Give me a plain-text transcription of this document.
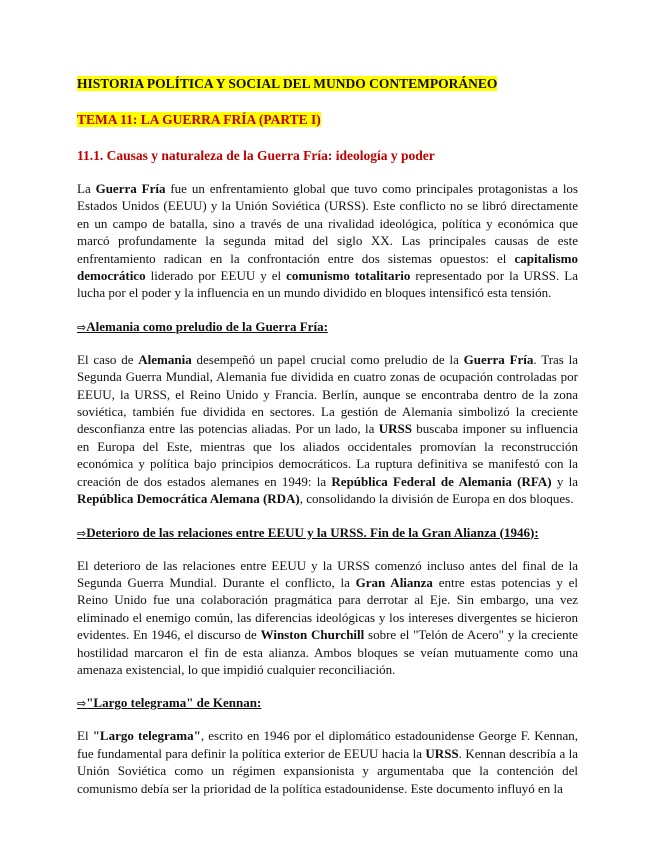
HISTORIA POLÍTICA Y SOCIAL DEL MUNDO CONTEMPORÁNEO
TEMA 11: LA GUERRA FRÍA (PARTE I)
11.1. Causas y naturaleza de la Guerra Fría: ideología y poder

La Guerra Fría fue un enfrentamiento global que tuvo como principales protagonistas a los Estados Unidos (EEUU) y la Unión Soviética (URSS). Este conflicto no se libró directamente en un campo de batalla, sino a través de una rivalidad ideológica, política y económica que marcó profundamente la segunda mitad del siglo XX. Las principales causas de este enfrentamiento radican en la confrontación entre dos sistemas opuestos: el capitalismo democrático liderado por EEUU y el comunismo totalitario representado por la URSS. La lucha por el poder y la influencia en un mundo dividido en bloques intensificó esta tensión.

⇨Alemania como preludio de la Guerra Fría:

El caso de Alemania desempeñó un papel crucial como preludio de la Guerra Fría. Tras la Segunda Guerra Mundial, Alemania fue dividida en cuatro zonas de ocupación controladas por EEUU, la URSS, el Reino Unido y Francia. Berlín, aunque se encontraba dentro de la zona soviética, también fue dividida en sectores. La gestión de Alemania simbolizó la creciente desconfianza entre las potencias aliadas. Por un lado, la URSS buscaba imponer su influencia en Europa del Este, mientras que los aliados occidentales promovían la reconstrucción económica y política bajo principios democráticos. La ruptura definitiva se manifestó con la creación de dos estados alemanes en 1949: la República Federal de Alemania (RFA) y la República Democrática Alemana (RDA), consolidando la división de Europa en dos bloques.

⇨Deterioro de las relaciones entre EEUU y la URSS. Fin de la Gran Alianza (1946):

El deterioro de las relaciones entre EEUU y la URSS comenzó incluso antes del final de la Segunda Guerra Mundial. Durante el conflicto, la Gran Alianza entre estas potencias y el Reino Unido fue una colaboración pragmática para derrotar al Eje. Sin embargo, una vez eliminado el enemigo común, las diferencias ideológicas y los intereses divergentes se hicieron evidentes. En 1946, el discurso de Winston Churchill sobre el "Telón de Acero" y la creciente hostilidad marcaron el fin de esta alianza. Ambos bloques se veían mutuamente como una amenaza existencial, lo que impidió cualquier reconciliación.

⇨"Largo telegrama" de Kennan:

El "Largo telegrama", escrito en 1946 por el diplomático estadounidense George F. Kennan, fue fundamental para definir la política exterior de EEUU hacia la URSS. Kennan describía a la Unión Soviética como un régimen expansionista y argumentaba que la contención del comunismo debía ser la prioridad de la política estadounidense. Este documento influyó en la
